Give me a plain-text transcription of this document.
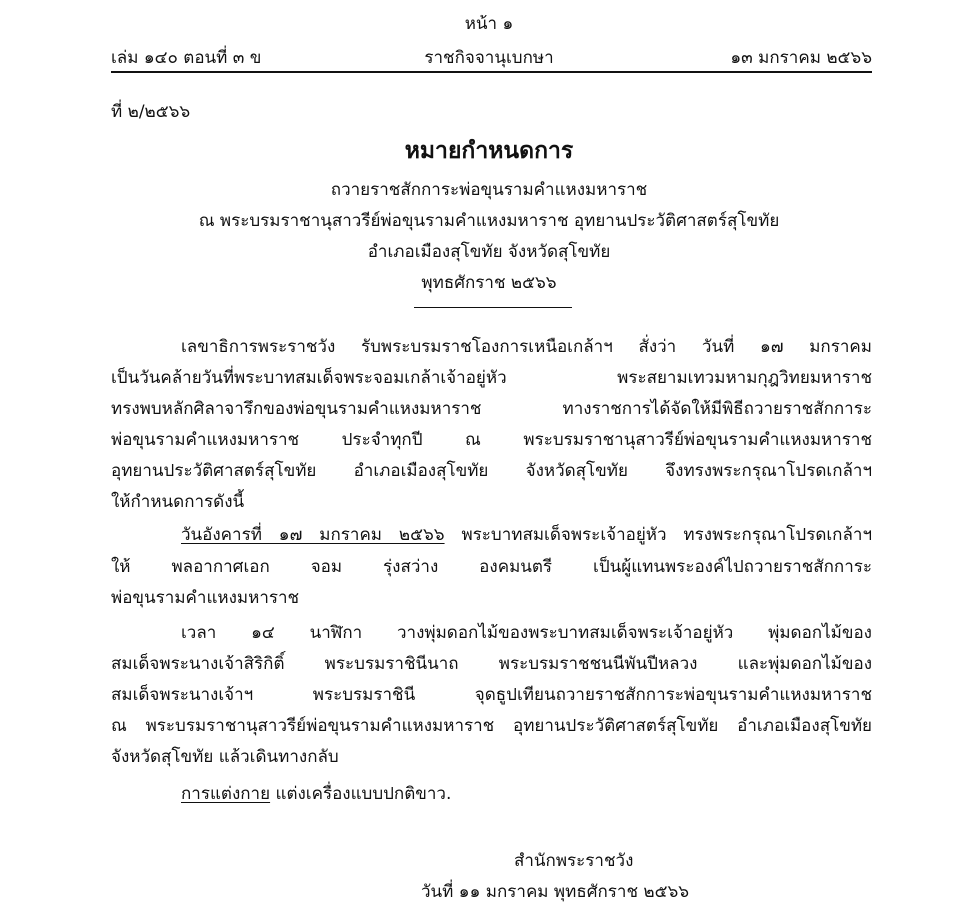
หน้า ๑
เล่ม ๑๔๐ ตอนที่ ๓ ข	ราชกิจจานุเบกษา	๑๓ มกราคม ๒๕๖๖
ที่ ๒/๒๕๖๖
หมายกำหนดการ
ถวายราชสักการะพ่อขุนรามคำแหงมหาราช
ณ พระบรมราชานุสาวรีย์พ่อขุนรามคำแหงมหาราช อุทยานประวัติศาสตร์สุโขทัย
อำเภอเมืองสุโขทัย จังหวัดสุโขทัย
พุทธศักราช ๒๕๖๖
เลขาธิการพระราชวัง รับพระบรมราชโองการเหนือเกล้าฯ สั่งว่า วันที่ ๑๗ มกราคม
เป็นวันคล้ายวันที่พระบาทสมเด็จพระจอมเกล้าเจ้าอยู่หัว พระสยามเทวมหามกุฎวิทยมหาราช
ทรงพบหลักศิลาจารึกของพ่อขุนรามคำแหงมหาราช ทางราชการได้จัดให้มีพิธีถวายราชสักการะ
พ่อขุนรามคำแหงมหาราช ประจำทุกปี ณ พระบรมราชานุสาวรีย์พ่อขุนรามคำแหงมหาราช
อุทยานประวัติศาสตร์สุโขทัย อำเภอเมืองสุโขทัย จังหวัดสุโขทัย จึงทรงพระกรุณาโปรดเกล้าฯ
ให้กำหนดการดังนี้
วันอังคารที่ ๑๗ มกราคม ๒๕๖๖ พระบาทสมเด็จพระเจ้าอยู่หัว ทรงพระกรุณาโปรดเกล้าฯ
ให้ พลอากาศเอก จอม รุ่งสว่าง องคมนตรี เป็นผู้แทนพระองค์ไปถวายราชสักการะ
พ่อขุนรามคำแหงมหาราช
เวลา ๑๔ นาฬิกา วางพุ่มดอกไม้ของพระบาทสมเด็จพระเจ้าอยู่หัว พุ่มดอกไม้ของ
สมเด็จพระนางเจ้าสิริกิติ์ พระบรมราชินีนาถ พระบรมราชชนนีพันปีหลวง และพุ่มดอกไม้ของ
สมเด็จพระนางเจ้าฯ พระบรมราชินี จุดธูปเทียนถวายราชสักการะพ่อขุนรามคำแหงมหาราช
ณ พระบรมราชานุสาวรีย์พ่อขุนรามคำแหงมหาราช อุทยานประวัติศาสตร์สุโขทัย อำเภอเมืองสุโขทัย
จังหวัดสุโขทัย แล้วเดินทางกลับ
การแต่งกาย แต่งเครื่องแบบปกติขาว.
สำนักพระราชวัง
วันที่ ๑๑ มกราคม พุทธศักราช ๒๕๖๖
